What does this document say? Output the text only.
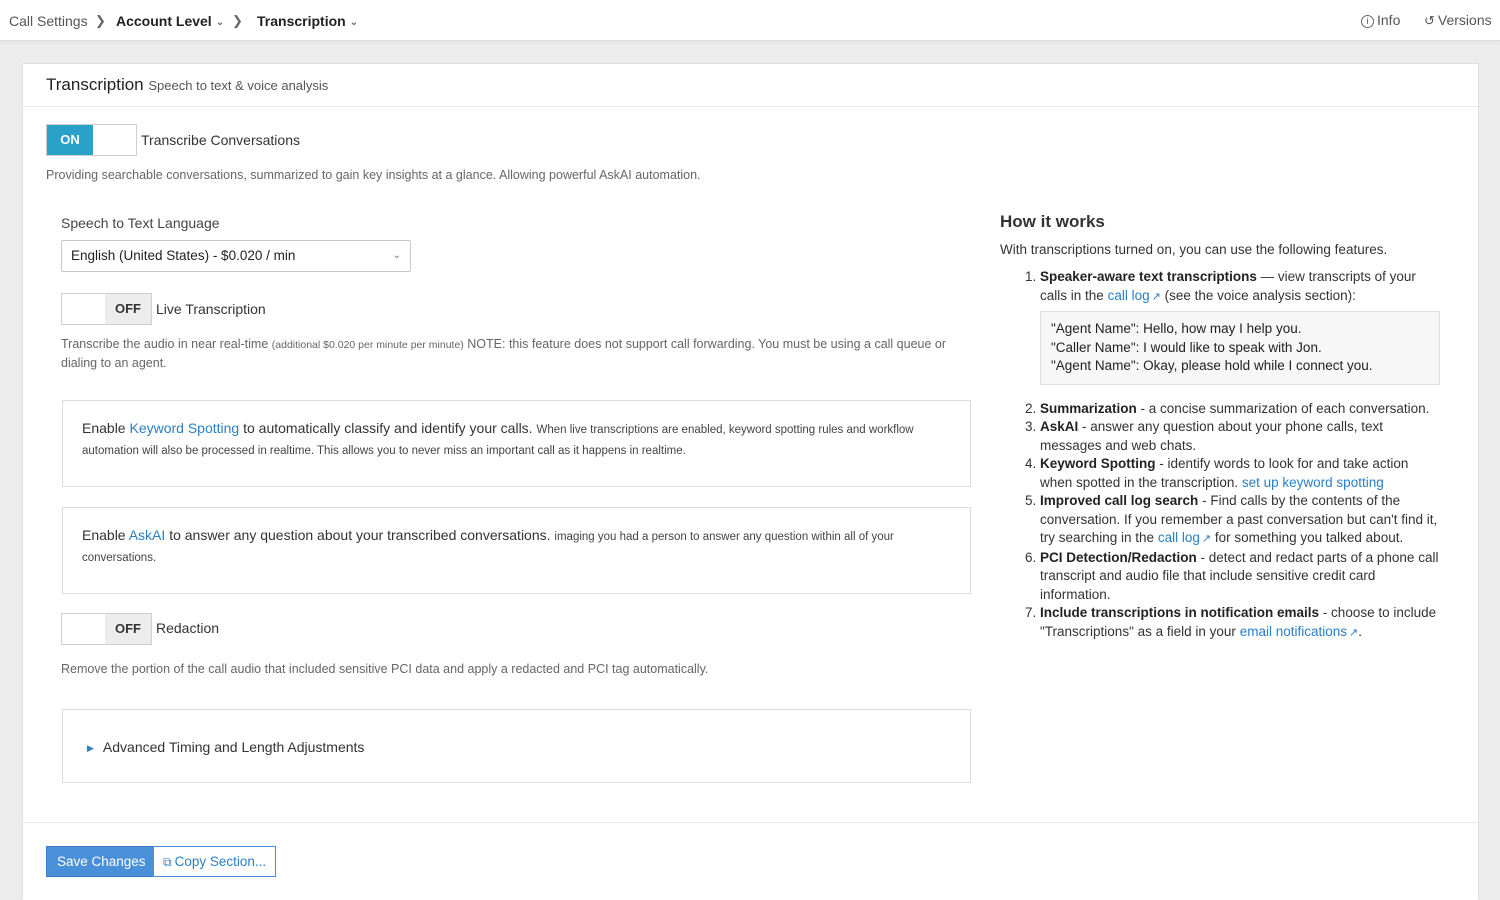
Call Settings ❯ Account Level ⌄ ❯ Transcription ⌄	i Info ↺ Versions
Transcription Speech to text & voice analysis
ON	Transcribe Conversations
Providing searchable conversations, summarized to gain key insights at a glance. Allowing powerful AskAI automation.
Speech to Text Language
English (United States) - $0.020 / min	⌄
OFF	Live Transcription
Transcribe the audio in near real-time (additional $0.020 per minute per minute) NOTE: this feature does not support call forwarding. You must be using a call queue or dialing to an agent.
Enable Keyword Spotting to automatically classify and identify your calls. When live transcriptions are enabled, keyword spotting rules and workflow automation will also be processed in realtime. This allows you to never miss an important call as it happens in realtime.
Enable AskAI to answer any question about your transcribed conversations. imaging you had a person to answer any question within all of your conversations.
OFF	Redaction
Remove the portion of the call audio that included sensitive PCI data and apply a redacted and PCI tag automatically.
▶ Advanced Timing and Length Adjustments
How it works
With transcriptions turned on, you can use the following features.
1. Speaker-aware text transcriptions — view transcripts of your calls in the call log ↗ (see the voice analysis section):
"Agent Name": Hello, how may I help you.
"Caller Name": I would like to speak with Jon.
"Agent Name": Okay, please hold while I connect you.
2. Summarization - a concise summarization of each conversation.
3. AskAI - answer any question about your phone calls, text messages and web chats.
4. Keyword Spotting - identify words to look for and take action when spotted in the transcription. set up keyword spotting
5. Improved call log search - Find calls by the contents of the conversation. If you remember a past conversation but can't find it, try searching in the call log ↗ for something you talked about.
6. PCI Detection/Redaction - detect and redact parts of a phone call transcript and audio file that include sensitive credit card information.
7. Include transcriptions in notification emails - choose to include "Transcriptions" as a field in your email notifications ↗.
Save Changes	⧉ Copy Section...
